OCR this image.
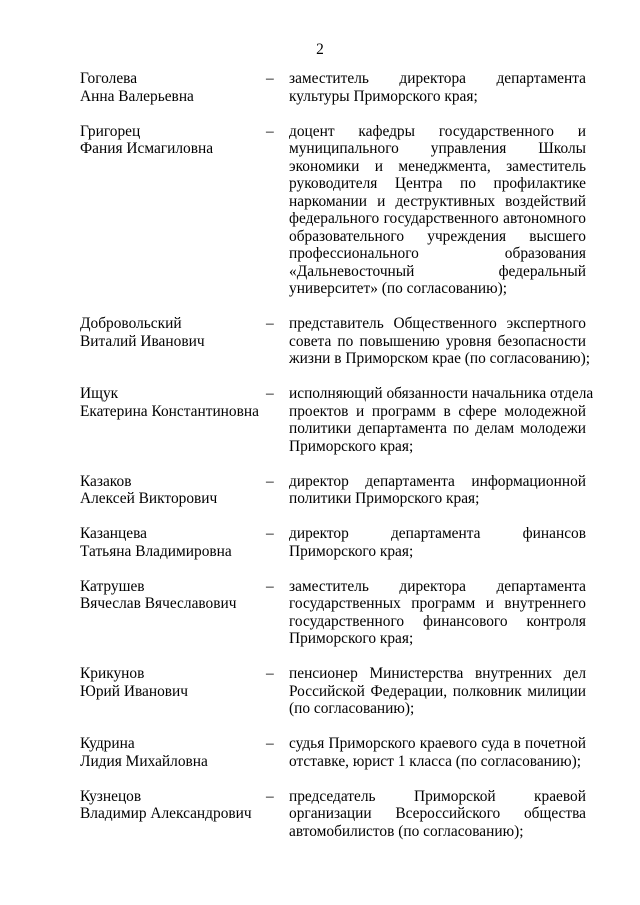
2
Гоголева
Анна Валерьевна
– заместитель директора департамента
культуры Приморского края;
Григорец
Фания Исмагиловна
– доцент кафедры государственного и
муниципального управления Школы
экономики и менеджмента, заместитель
руководителя Центра по профилактике
наркомании и деструктивных воздействий
федерального государственного автономного
образовательного учреждения высшего
профессионального образования
«Дальневосточный федеральный
университет» (по согласованию);
Добровольский
Виталий Иванович
– представитель Общественного экспертного
совета по повышению уровня безопасности
жизни в Приморском крае (по согласованию);
Ищук
Екатерина Константиновна
– исполняющий обязанности начальника отдела
проектов и программ в сфере молодежной
политики департамента по делам молодежи
Приморского края;
Казаков
Алексей Викторович
– директор департамента информационной
политики Приморского края;
Казанцева
Татьяна Владимировна
– директор департамента финансов
Приморского края;
Катрушев
Вячеслав Вячеславович
– заместитель директора департамента
государственных программ и внутреннего
государственного финансового контроля
Приморского края;
Крикунов
Юрий Иванович
– пенсионер Министерства внутренних дел
Российской Федерации, полковник милиции
(по согласованию);
Кудрина
Лидия Михайловна
– судья Приморского краевого суда в почетной
отставке, юрист 1 класса (по согласованию);
Кузнецов
Владимир Александрович
– председатель Приморской краевой
организации Всероссийского общества
автомобилистов (по согласованию);
